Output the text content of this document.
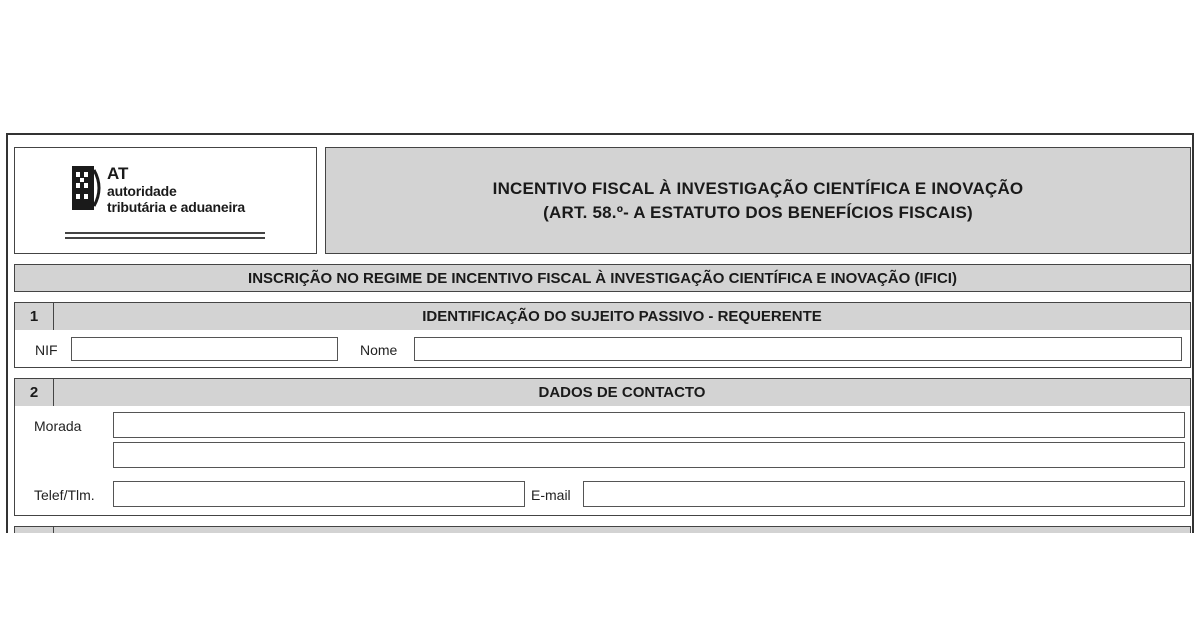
AT
autoridade
tributária e aduaneira
INCENTIVO FISCAL À INVESTIGAÇÃO CIENTÍFICA E INOVAÇÃO
(ART. 58.º- A ESTATUTO DOS BENEFÍCIOS FISCAIS)
INSCRIÇÃO NO REGIME DE INCENTIVO FISCAL À INVESTIGAÇÃO CIENTÍFICA E INOVAÇÃO (IFICI)
1	IDENTIFICAÇÃO DO SUJEITO PASSIVO - REQUERENTE
NIF	Nome
2	DADOS DE CONTACTO
Morada
Telef/Tlm.	E-mail
